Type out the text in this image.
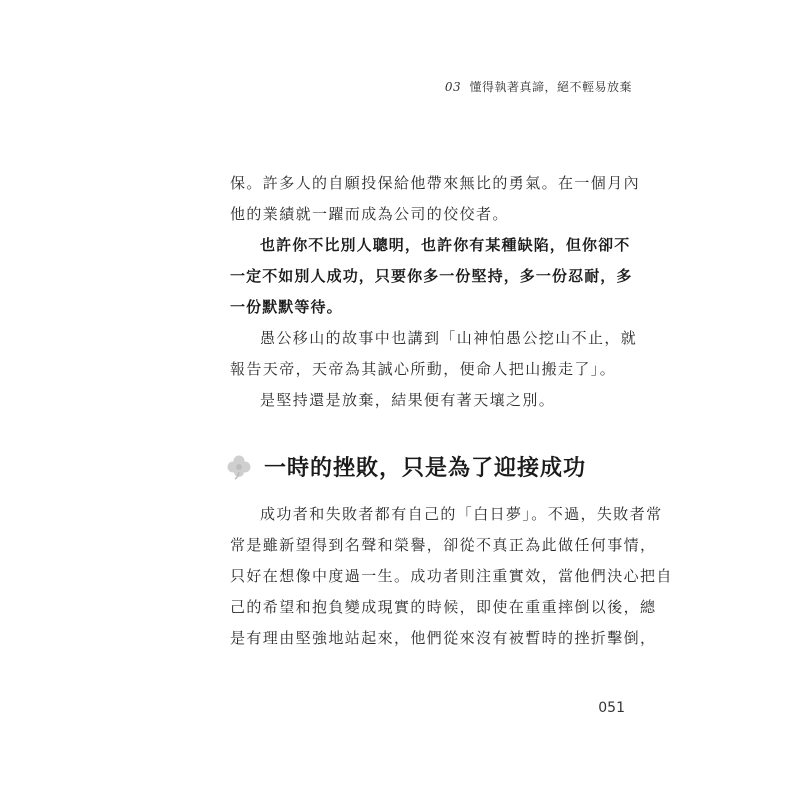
03 懂得執著真諦，絕不輕易放棄

保。許多人的自願投保給他帶來無比的勇氣。在一個月內

他的業績就一躍而成為公司的佼佼者。

也許你不比別人聰明，也許你有某種缺陷，但你卻不

一定不如別人成功，只要你多一份堅持，多一份忍耐，多

一份默默等待。

愚公移山的故事中也講到「山神怕愚公挖山不止，就

報告天帝，天帝為其誠心所動，便命人把山搬走了」。

是堅持還是放棄，結果便有著天壤之別。

一時的挫敗，只是為了迎接成功

成功者和失敗者都有自己的「白日夢」。不過，失敗者常

常是雖新望得到名聲和榮譽，卻從不真正為此做任何事情，

只好在想像中度過一生。成功者則注重實效，當他們決心把自

己的希望和抱負變成現實的時候，即使在重重摔倒以後，總

是有理由堅強地站起來，他們從來沒有被暫時的挫折擊倒，

051
